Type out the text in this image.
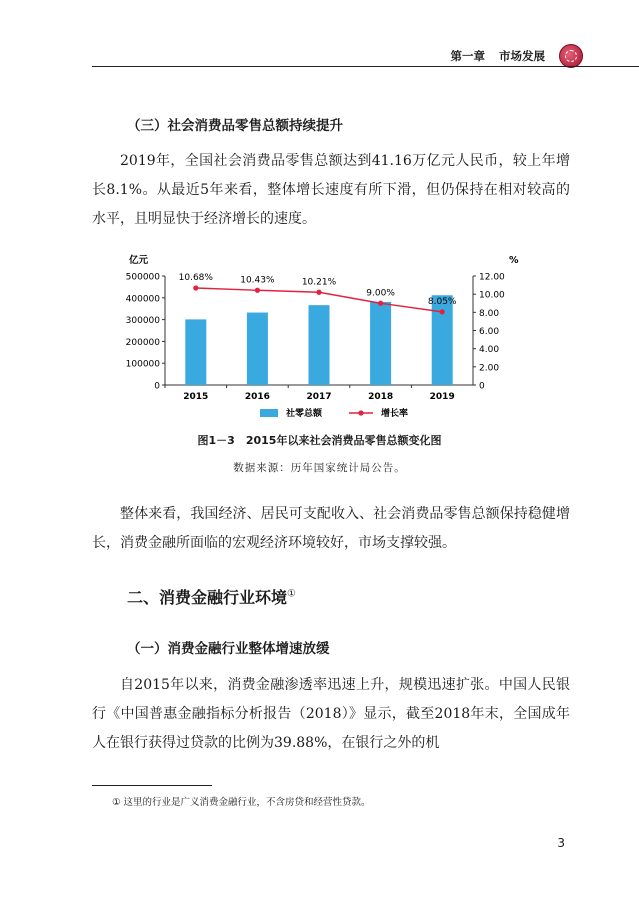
第一章 市场发展
（三）社会消费品零售总额持续提升

2019年，全国社会消费品零售总额达到41.16万亿元人民币，较上年增长8.1%。从最近5年来看，整体增长速度有所下滑，但仍保持在相对较高的水平，且明显快于经济增长的速度。

亿元	%
0
100000
200000
300000
400000
500000
0
2.00
4.00
6.00
8.00
10.00
12.00
2015	2016	2017	2018	2019
10.68%	10.43%	10.21%
9.00%
8.05%
社零总额	增长率
图1－3　2015年以来社会消费品零售总额变化图
数据来源：历年国家统计局公告。

整体来看，我国经济、居民可支配收入、社会消费品零售总额保持稳健增长，消费金融所面临的宏观经济环境较好，市场支撑较强。

二、消费金融行业环境①
（一）消费金融行业整体增速放缓

自2015年以来，消费金融渗透率迅速上升，规模迅速扩张。中国人民银行《中国普惠金融指标分析报告（2018）》显示，截至2018年末，全国成年人在银行获得过贷款的比例为39.88%，在银行之外的机

① 这里的行业是广义消费金融行业，不含房贷和经营性贷款。
3
